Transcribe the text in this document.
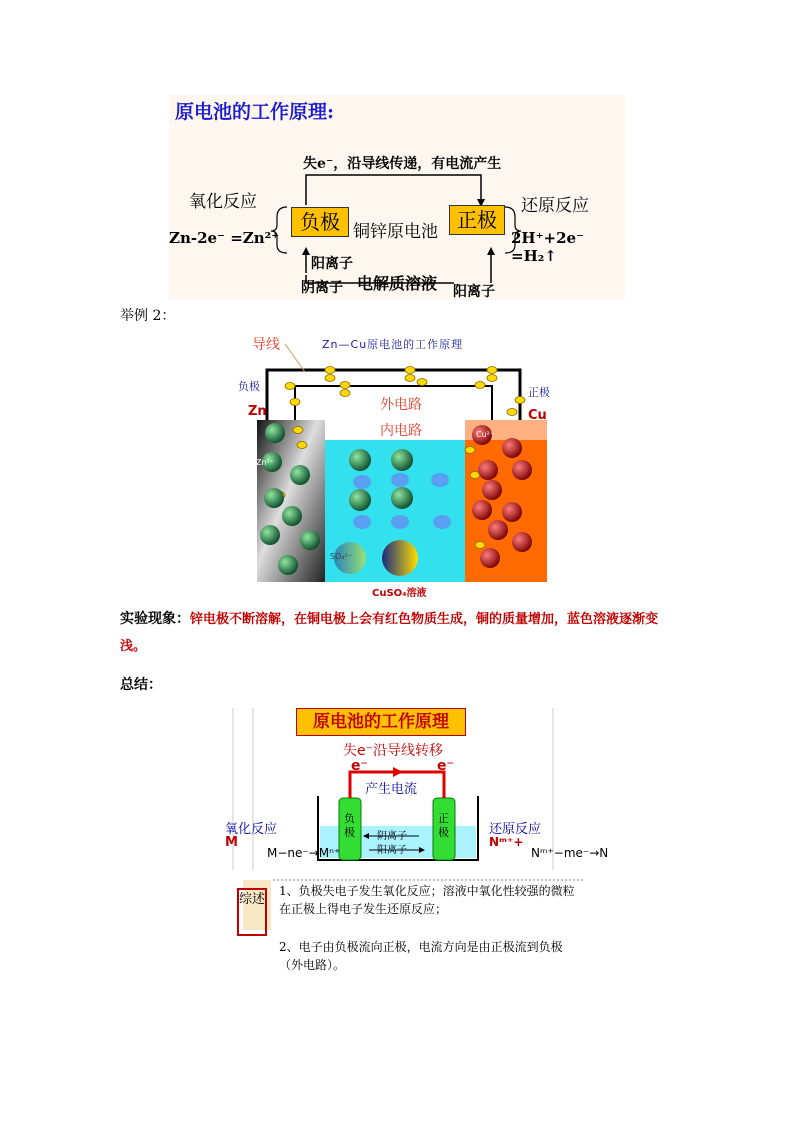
原电池的工作原理:
失e⁻，沿导线传递，有电流产生
氧化反应
Zn-2e⁻ =Zn²⁺
负极 铜锌原电池 正极
还原反应
2H⁺+2e⁻ =H₂↑
阳离子
阴离子 电解质溶液 阳离子
举例 2：
导线	Zn—Cu原电池的工作原理
负极
Zn
正极
Cu
外电路
内电路
CuSO₄溶液
Zn²⁺
Cu²⁺
SO₄²⁻
实验现象：锌电极不断溶解，在铜电极上会有红色物质生成，铜的质量增加，蓝色溶液逐渐变浅。
总结：
原电池的工作原理
失e⁻沿导线转移
e⁻	e⁻
产生电流
负极
正极
阴离子
阳离子
氧化反应
M
M−ne⁻→Mⁿ⁺
还原反应
Nᵐ⁺+
Nᵐ⁺−me⁻→N
综述
1、负极失电子发生氧化反应；溶液中氧化性较强的微粒在正极上得电子发生还原反应；
2、电子由负极流向正极，电流方向是由正极流到负极（外电路）。
